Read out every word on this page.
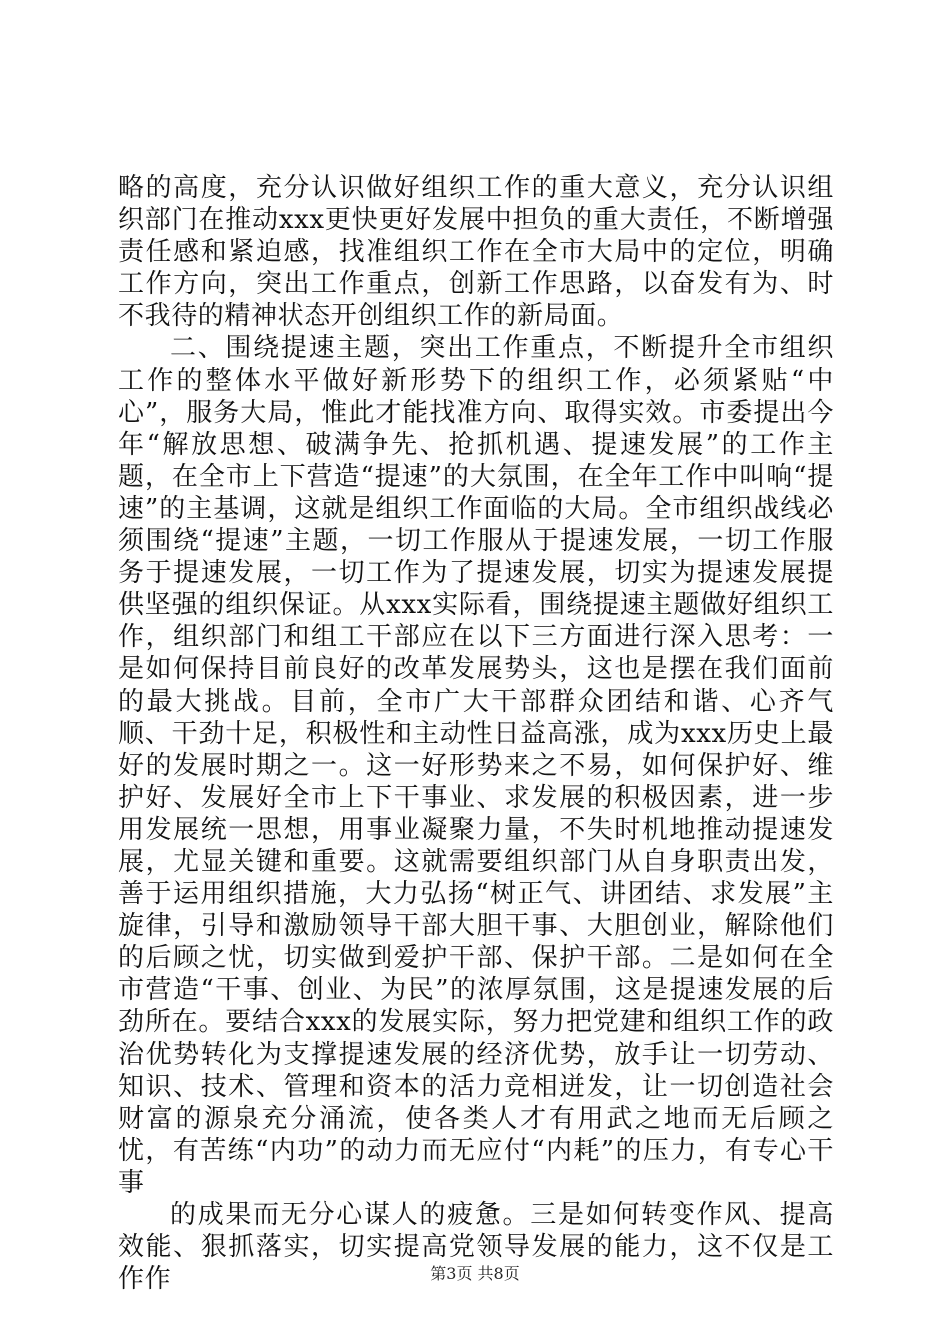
略的高度，充分认识做好组织工作的重大意义，充分认识组织部门在推动xxx更快更好发展中担负的重大责任，不断增强责任感和紧迫感，找准组织工作在全市大局中的定位，明确工作方向，突出工作重点，创新工作思路，以奋发有为、时不我待的精神状态开创组织工作的新局面。

二、围绕提速主题，突出工作重点，不断提升全市组织工作的整体水平做好新形势下的组织工作，必须紧贴“中心”，服务大局，惟此才能找准方向、取得实效。市委提出今年“解放思想、破满争先、抢抓机遇、提速发展”的工作主题，在全市上下营造“提速”的大氛围，在全年工作中叫响“提速”的主基调，这就是组织工作面临的大局。全市组织战线必须围绕“提速”主题，一切工作服从于提速发展，一切工作服务于提速发展，一切工作为了提速发展，切实为提速发展提供坚强的组织保证。从xxx实际看，围绕提速主题做好组织工作，组织部门和组工干部应在以下三方面进行深入思考：一是如何保持目前良好的改革发展势头，这也是摆在我们面前的最大挑战。目前，全市广大干部群众团结和谐、心齐气顺、干劲十足，积极性和主动性日益高涨，成为xxx历史上最好的发展时期之一。这一好形势来之不易，如何保护好、维护好、发展好全市上下干事业、求发展的积极因素，进一步用发展统一思想，用事业凝聚力量，不失时机地推动提速发展，尤显关键和重要。这就需要组织部门从自身职责出发，善于运用组织措施，大力弘扬“树正气、讲团结、求发展”主旋律，引导和激励领导干部大胆干事、大胆创业，解除他们的后顾之忧，切实做到爱护干部、保护干部。二是如何在全市营造“干事、创业、为民”的浓厚氛围，这是提速发展的后劲所在。要结合xxx的发展实际，努力把党建和组织工作的政治优势转化为支撑提速发展的经济优势，放手让一切劳动、知识、技术、管理和资本的活力竞相迸发，让一切创造社会财富的源泉充分涌流，使各类人才有用武之地而无后顾之忧，有苦练“内功”的动力而无应付“内耗”的压力，有专心干事

的成果而无分心谋人的疲惫。三是如何转变作风、提高效能、狠抓落实，切实提高党领导发展的能力，这不仅是工作作	第3页 共8页
